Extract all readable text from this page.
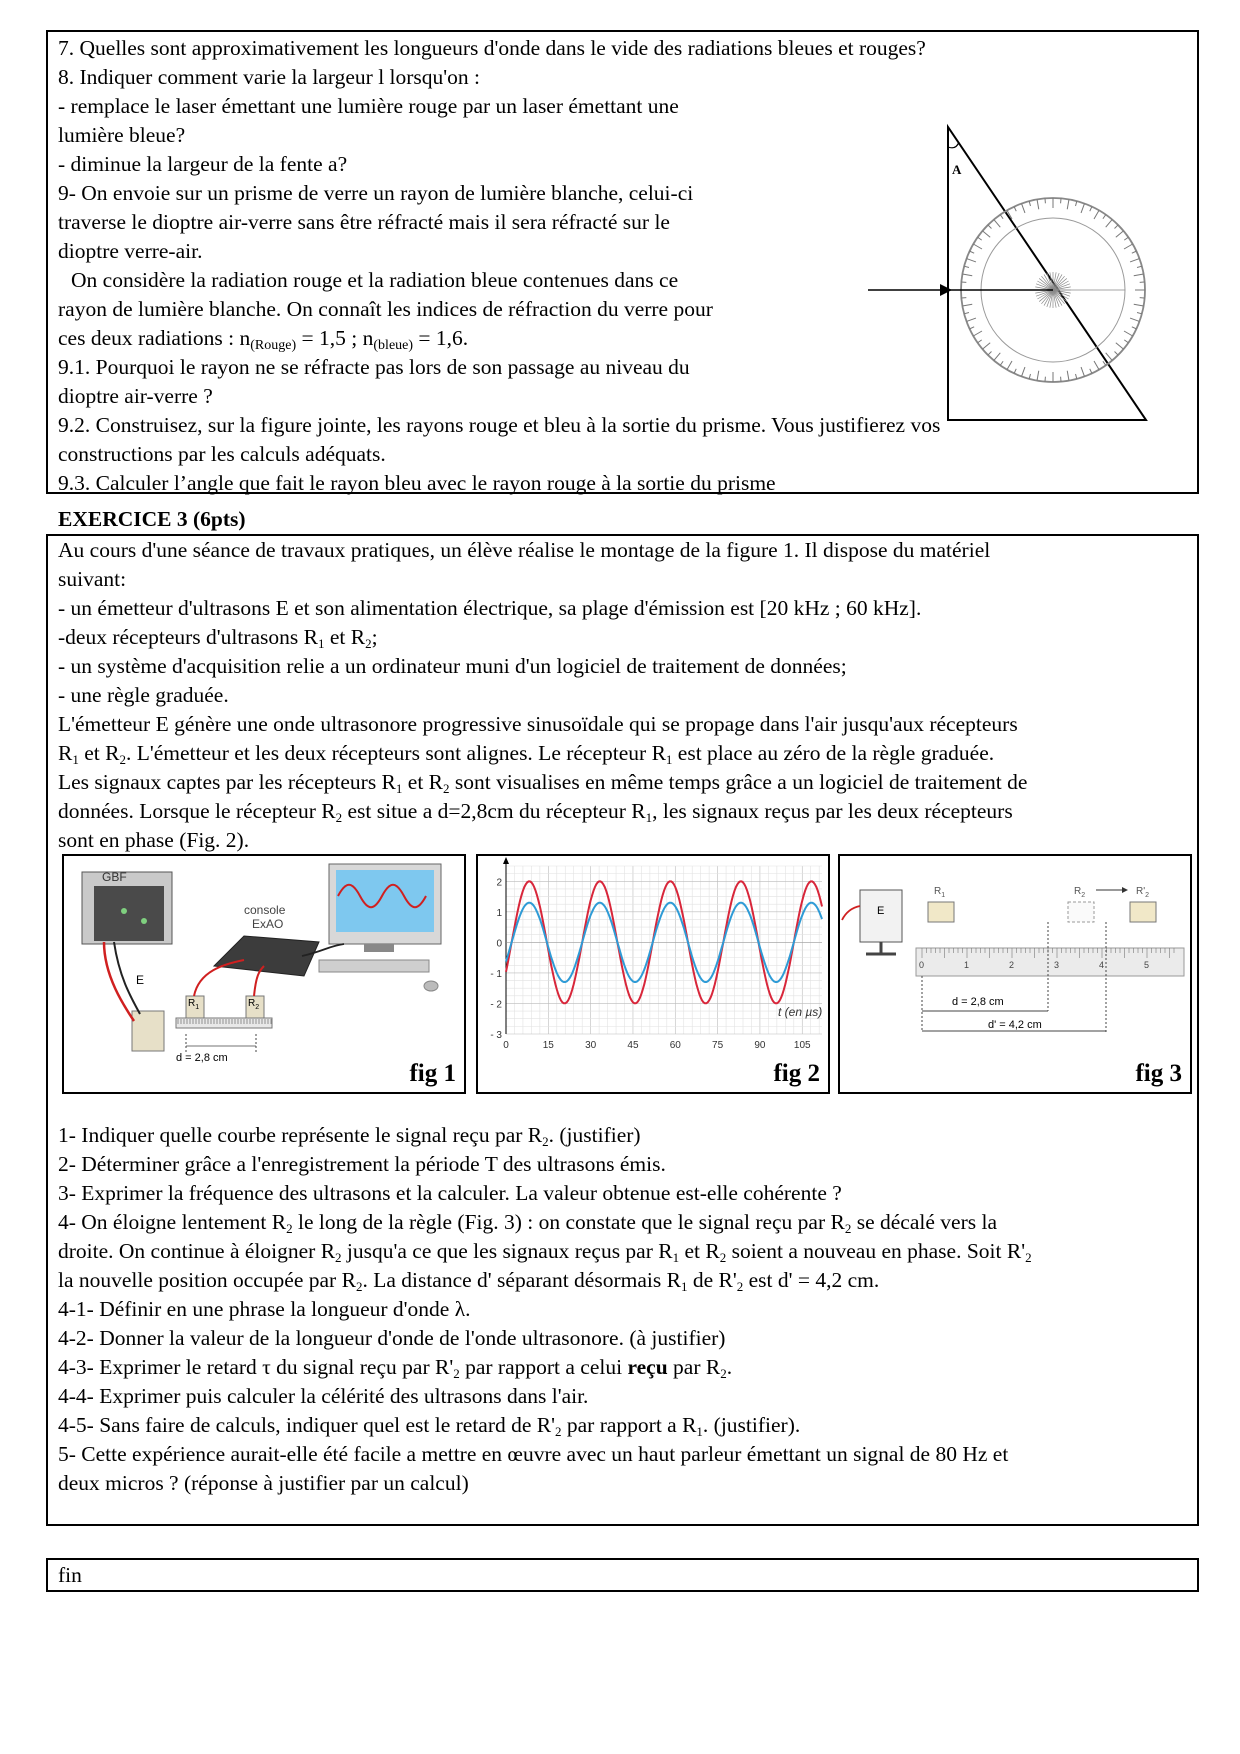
7. Quelles sont approximativement les longueurs d'onde dans le vide des radiations bleues et rouges?
8. Indiquer comment varie la largeur l lorsqu'on :
- remplace le laser émettant une lumière rouge par un laser émettant une
lumière bleue?
- diminue la largeur de la fente a?
9- On envoie sur un prisme de verre un rayon de lumière blanche, celui-ci
traverse le dioptre air-verre sans être réfracté mais il sera réfracté sur le
dioptre verre-air.
On considère la radiation rouge et la radiation bleue contenues dans ce
rayon de lumière blanche. On connaît les indices de réfraction du verre pour
ces deux radiations : $n_{(Rouge)} = 1,5$ ; $n_{(bleue)} = 1,6$.
9.1. Pourquoi le rayon ne se réfracte pas lors de son passage au niveau du
dioptre air-verre ?
9.2. Construisez, sur la figure jointe, les rayons rouge et bleu à la sortie du prisme. Vous justifierez vos
constructions par les calculs adéquats.
9.3. Calculer l’angle que fait le rayon bleu avec le rayon rouge à la sortie du prisme
A
EXERCICE 3 (6pts)
Au cours d'une séance de travaux pratiques, un élève réalise le montage de la figure 1. Il dispose du matériel
suivant:
- un émetteur d'ultrasons E et son alimentation électrique, sa plage d'émission est [20 kHz ; 60 kHz].
-deux récepteurs d'ultrasons $R_1$ et $R_2$;
- un système d'acquisition relie a un ordinateur muni d'un logiciel de traitement de données;
- une règle graduée.
L'émetteur E génère une onde ultrasonore progressive sinusoïdale qui se propage dans l'air jusqu'aux récepteurs
$R_1$ et $R_2$. L'émetteur et les deux récepteurs sont alignes. Le récepteur $R_1$ est place au zéro de la règle graduée.
Les signaux captes par les récepteurs $R_1$ et $R_2$ sont visualises en même temps grâce a un logiciel de traitement de
données. Lorsque le récepteur $R_2$ est situe a d=2,8cm du récepteur $R_1$, les signaux reçus par les deux récepteurs
sont en phase (Fig. 2).
GBF
E
console
ExAO
$R_1$	$R_2$
d = 2,8 cm
fig 1
- 3
- 2
- 1
0
1
2
0	15	30	45	60	75	90	105
t (en µs)
fig 2
E
$R_1$	$R_2$	$R'_2$
0	1	2	3	4	5
d = 2,8 cm
d' = 4,2 cm
fig 3
1- Indiquer quelle courbe représente le signal reçu par $R_2$. (justifier)
2- Déterminer grâce a l'enregistrement la période T des ultrasons émis.
3- Exprimer la fréquence des ultrasons et la calculer. La valeur obtenue est-elle cohérente ?
4- On éloigne lentement $R_2$ le long de la règle (Fig. 3) : on constate que le signal reçu par $R_2$ se décalé vers la
droite. On continue à éloigner $R_2$ jusqu'a ce que les signaux reçus par $R_1$ et $R_2$ soient a nouveau en phase. Soit $R'_2$
la nouvelle position occupée par $R_2$. La distance d' séparant désormais $R_1$ de $R'_2$ est d' = 4,2 cm.
4-1- Définir en une phrase la longueur d'onde λ.
4-2- Donner la valeur de la longueur d'onde de l'onde ultrasonore. (à justifier)
4-3- Exprimer le retard τ du signal reçu par $R'_2$ par rapport a celui reçu par $R_2$.
4-4- Exprimer puis calculer la célérité des ultrasons dans l'air.
4-5- Sans faire de calculs, indiquer quel est le retard de $R'_2$ par rapport a $R_1$. (justifier).
5- Cette expérience aurait-elle été facile a mettre en œuvre avec un haut parleur émettant un signal de 80 Hz et
deux micros ? (réponse à justifier par un calcul)
fin
